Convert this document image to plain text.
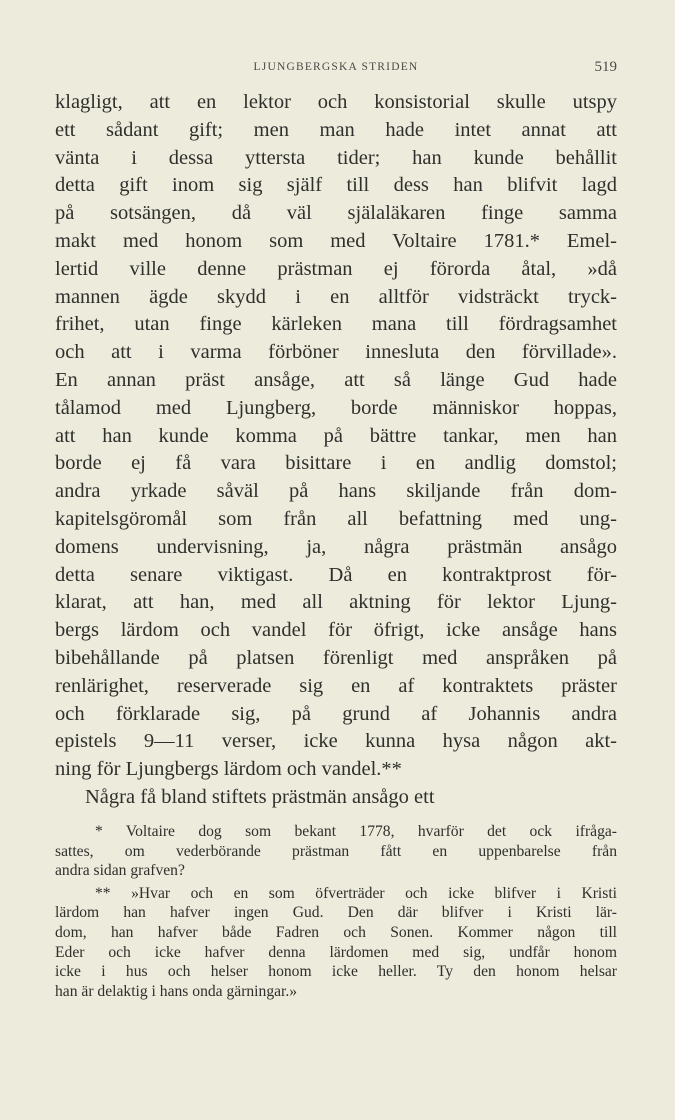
LJUNGBERGSKA STRIDEN	519
klagligt, att en lektor och konsistorial skulle utspy
ett sådant gift; men man hade intet annat att
vänta i dessa yttersta tider; han kunde behållit
detta gift inom sig själf till dess han blifvit lagd
på sotsängen, då väl själaläkaren finge samma
makt med honom som med Voltaire 1781.* Emel-
lertid ville denne prästman ej förorda åtal, »då
mannen ägde skydd i en alltför vidsträckt tryck-
frihet, utan finge kärleken mana till fördragsamhet
och att i varma förböner innesluta den förvillade».
En annan präst ansåge, att så länge Gud hade
tålamod med Ljungberg, borde människor hoppas,
att han kunde komma på bättre tankar, men han
borde ej få vara bisittare i en andlig domstol;
andra yrkade såväl på hans skiljande från dom-
kapitelsgöromål som från all befattning med ung-
domens undervisning, ja, några prästmän ansågo
detta senare viktigast. Då en kontraktprost för-
klarat, att han, med all aktning för lektor Ljung-
bergs lärdom och vandel för öfrigt, icke ansåge hans
bibehållande på platsen förenligt med anspråken på
renlärighet, reserverade sig en af kontraktets präster
och förklarade sig, på grund af Johannis andra
epistels 9—11 verser, icke kunna hysa någon akt-
ning för Ljungbergs lärdom och vandel.**
Några få bland stiftets prästmän ansågo ett
* Voltaire dog som bekant 1778, hvarför det ock ifråga-
sattes, om vederbörande prästman fått en uppenbarelse från
andra sidan grafven?
** »Hvar och en som öfverträder och icke blifver i Kristi
lärdom han hafver ingen Gud. Den där blifver i Kristi lär-
dom, han hafver både Fadren och Sonen. Kommer någon till
Eder och icke hafver denna lärdomen med sig, undfår honom
icke i hus och helser honom icke heller. Ty den honom helsar
han är delaktig i hans onda gärningar.»
